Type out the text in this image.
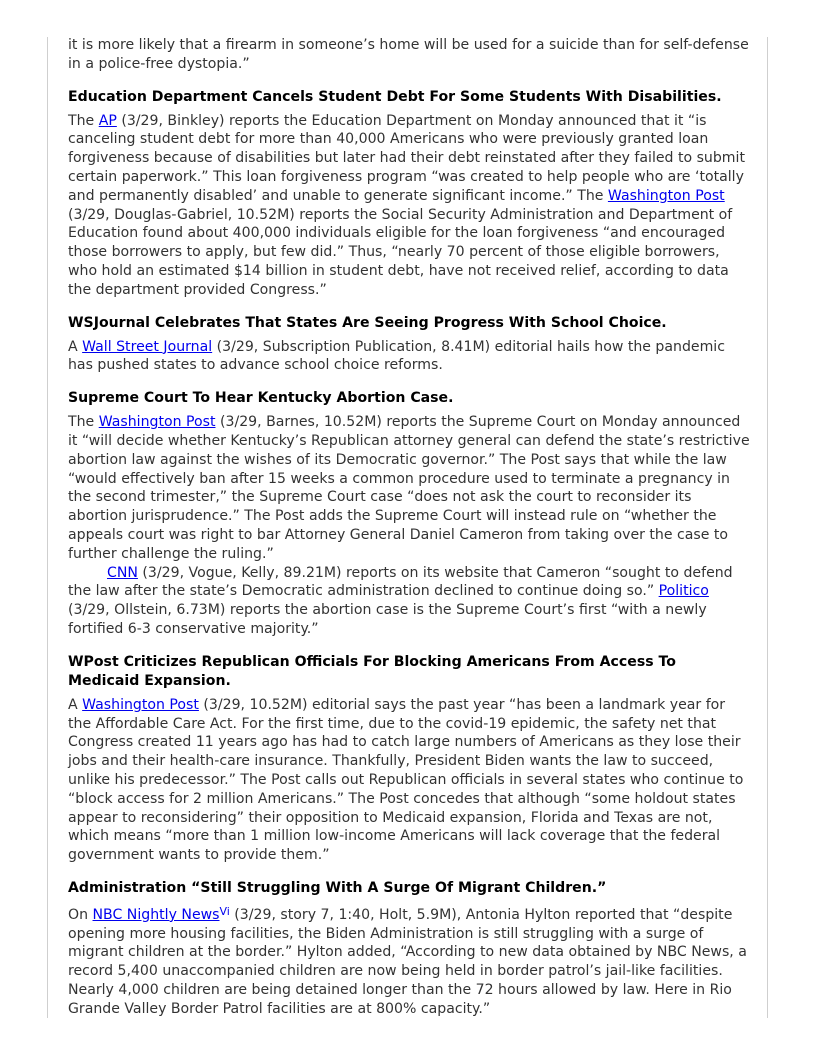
it is more likely that a firearm in someone’s home will be used for a suicide than for self-defense in a police-free dystopia.”

Education Department Cancels Student Debt For Some Students With Disabilities.

The AP (3/29, Binkley) reports the Education Department on Monday announced that it “is canceling student debt for more than 40,000 Americans who were previously granted loan forgiveness because of disabilities but later had their debt reinstated after they failed to submit certain paperwork.” This loan forgiveness program “was created to help people who are ‘totally and permanently disabled’ and unable to generate significant income.” The Washington Post (3/29, Douglas-Gabriel, 10.52M) reports the Social Security Administration and Department of Education found about 400,000 individuals eligible for the loan forgiveness “and encouraged those borrowers to apply, but few did.” Thus, “nearly 70 percent of those eligible borrowers, who hold an estimated $14 billion in student debt, have not received relief, according to data the department provided Congress.”

WSJournal Celebrates That States Are Seeing Progress With School Choice.

A Wall Street Journal (3/29, Subscription Publication, 8.41M) editorial hails how the pandemic has pushed states to advance school choice reforms.

Supreme Court To Hear Kentucky Abortion Case.

The Washington Post (3/29, Barnes, 10.52M) reports the Supreme Court on Monday announced it “will decide whether Kentucky’s Republican attorney general can defend the state’s restrictive abortion law against the wishes of its Democratic governor.” The Post says that while the law “would effectively ban after 15 weeks a common procedure used to terminate a pregnancy in the second trimester,” the Supreme Court case “does not ask the court to reconsider its abortion jurisprudence.” The Post adds the Supreme Court will instead rule on “whether the appeals court was right to bar Attorney General Daniel Cameron from taking over the case to further challenge the ruling.”

CNN (3/29, Vogue, Kelly, 89.21M) reports on its website that Cameron “sought to defend the law after the state’s Democratic administration declined to continue doing so.” Politico (3/29, Ollstein, 6.73M) reports the abortion case is the Supreme Court’s first “with a newly fortified 6-3 conservative majority.”

WPost Criticizes Republican Officials For Blocking Americans From Access To Medicaid Expansion.

A Washington Post (3/29, 10.52M) editorial says the past year “has been a landmark year for the Affordable Care Act. For the first time, due to the covid-19 epidemic, the safety net that Congress created 11 years ago has had to catch large numbers of Americans as they lose their jobs and their health-care insurance. Thankfully, President Biden wants the law to succeed, unlike his predecessor.” The Post calls out Republican officials in several states who continue to “block access for 2 million Americans.” The Post concedes that although “some holdout states appear to reconsidering” their opposition to Medicaid expansion, Florida and Texas are not, which means “more than 1 million low-income Americans will lack coverage that the federal government wants to provide them.”

Administration “Still Struggling With A Surge Of Migrant Children.”

On NBC Nightly News$^{Vi}$ (3/29, story 7, 1:40, Holt, 5.9M), Antonia Hylton reported that “despite opening more housing facilities, the Biden Administration is still struggling with a surge of migrant children at the border.” Hylton added, “According to new data obtained by NBC News, a record 5,400 unaccompanied children are now being held in border patrol’s jail-like facilities. Nearly 4,000 children are being detained longer than the 72 hours allowed by law. Here in Rio Grande Valley Border Patrol facilities are at 800% capacity.”
